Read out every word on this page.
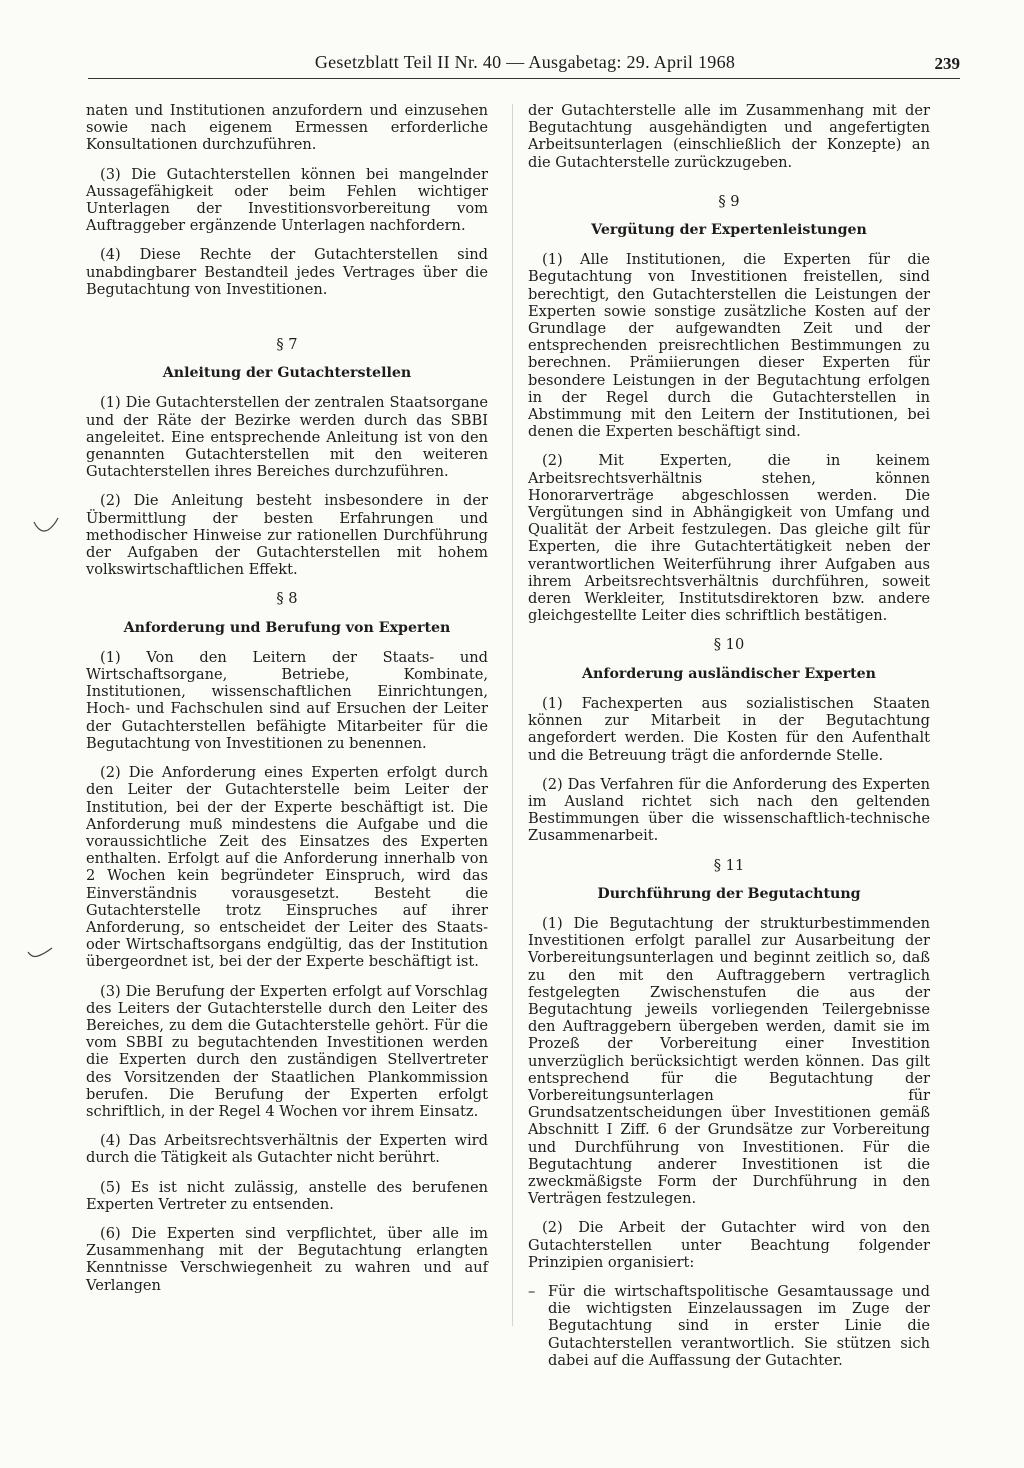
Gesetzblatt Teil II Nr. 40 — Ausgabetag: 29. April 1968	239

naten und Institutionen anzufordern und einzusehen sowie nach eigenem Ermessen erforderliche Konsultationen durchzuführen.

(3) Die Gutachterstellen können bei mangelnder Aussagefähigkeit oder beim Fehlen wichtiger Unterlagen der Investitionsvorbereitung vom Auftraggeber ergänzende Unterlagen nachfordern.

(4) Diese Rechte der Gutachterstellen sind unabdingbarer Bestandteil jedes Vertrages über die Begutachtung von Investitionen.

§ 7

Anleitung der Gutachterstellen

(1) Die Gutachterstellen der zentralen Staatsorgane und der Räte der Bezirke werden durch das SBBI angeleitet. Eine entsprechende Anleitung ist von den genannten Gutachterstellen mit den weiteren Gutachterstellen ihres Bereiches durchzuführen.

(2) Die Anleitung besteht insbesondere in der Übermittlung der besten Erfahrungen und methodischer Hinweise zur rationellen Durchführung der Aufgaben der Gutachterstellen mit hohem volkswirtschaftlichen Effekt.

§ 8

Anforderung und Berufung von Experten

(1) Von den Leitern der Staats- und Wirtschaftsorgane, Betriebe, Kombinate, Institutionen, wissenschaftlichen Einrichtungen, Hoch- und Fachschulen sind auf Ersuchen der Leiter der Gutachterstellen befähigte Mitarbeiter für die Begutachtung von Investitionen zu benennen.

(2) Die Anforderung eines Experten erfolgt durch den Leiter der Gutachterstelle beim Leiter der Institution, bei der der Experte beschäftigt ist. Die Anforderung muß mindestens die Aufgabe und die voraussichtliche Zeit des Einsatzes des Experten enthalten. Erfolgt auf die Anforderung innerhalb von 2 Wochen kein begründeter Einspruch, wird das Einverständnis vorausgesetzt. Besteht die Gutachterstelle trotz Einspruches auf ihrer Anforderung, so entscheidet der Leiter des Staats- oder Wirtschaftsorgans endgültig, das der Institution übergeordnet ist, bei der der Experte beschäftigt ist.

(3) Die Berufung der Experten erfolgt auf Vorschlag des Leiters der Gutachterstelle durch den Leiter des Bereiches, zu dem die Gutachterstelle gehört. Für die vom SBBI zu begutachtenden Investitionen werden die Experten durch den zuständigen Stellvertreter des Vorsitzenden der Staatlichen Plankommission berufen. Die Berufung der Experten erfolgt schriftlich, in der Regel 4 Wochen vor ihrem Einsatz.

(4) Das Arbeitsrechtsverhältnis der Experten wird durch die Tätigkeit als Gutachter nicht berührt.

(5) Es ist nicht zulässig, anstelle des berufenen Experten Vertreter zu entsenden.

(6) Die Experten sind verpflichtet, über alle im Zusammenhang mit der Begutachtung erlangten Kenntnisse Verschwiegenheit zu wahren und auf Verlangen

der Gutachterstelle alle im Zusammenhang mit der Begutachtung ausgehändigten und angefertigten Arbeitsunterlagen (einschließlich der Konzepte) an die Gutachterstelle zurückzugeben.

§ 9

Vergütung der Expertenleistungen

(1) Alle Institutionen, die Experten für die Begutachtung von Investitionen freistellen, sind berechtigt, den Gutachterstellen die Leistungen der Experten sowie sonstige zusätzliche Kosten auf der Grundlage der aufgewandten Zeit und der entsprechenden preisrechtlichen Bestimmungen zu berechnen. Prämiierungen dieser Experten für besondere Leistungen in der Begutachtung erfolgen in der Regel durch die Gutachterstellen in Abstimmung mit den Leitern der Institutionen, bei denen die Experten beschäftigt sind.

(2) Mit Experten, die in keinem Arbeitsrechtsverhältnis stehen, können Honorarverträge abgeschlossen werden. Die Vergütungen sind in Abhängigkeit von Umfang und Qualität der Arbeit festzulegen. Das gleiche gilt für Experten, die ihre Gutachtertätigkeit neben der verantwortlichen Weiterführung ihrer Aufgaben aus ihrem Arbeitsrechtsverhältnis durchführen, soweit deren Werkleiter, Institutsdirektoren bzw. andere gleichgestellte Leiter dies schriftlich bestätigen.

§ 10

Anforderung ausländischer Experten

(1) Fachexperten aus sozialistischen Staaten können zur Mitarbeit in der Begutachtung angefordert werden. Die Kosten für den Aufenthalt und die Betreuung trägt die anfordernde Stelle.

(2) Das Verfahren für die Anforderung des Experten im Ausland richtet sich nach den geltenden Bestimmungen über die wissenschaftlich-technische Zusammenarbeit.

§ 11

Durchführung der Begutachtung

(1) Die Begutachtung der strukturbestimmenden Investitionen erfolgt parallel zur Ausarbeitung der Vorbereitungsunterlagen und beginnt zeitlich so, daß zu den mit den Auftraggebern vertraglich festgelegten Zwischenstufen die aus der Begutachtung jeweils vorliegenden Teilergebnisse den Auftraggebern übergeben werden, damit sie im Prozeß der Vorbereitung einer Investition unverzüglich berücksichtigt werden können. Das gilt entsprechend für die Begutachtung der Vorbereitungsunterlagen für Grundsatzentscheidungen über Investitionen gemäß Abschnitt I Ziff. 6 der Grundsätze zur Vorbereitung und Durchführung von Investitionen. Für die Begutachtung anderer Investitionen ist die zweckmäßigste Form der Durchführung in den Verträgen festzulegen.

(2) Die Arbeit der Gutachter wird von den Gutachterstellen unter Beachtung folgender Prinzipien organisiert:

– Für die wirtschaftspolitische Gesamtaussage und die wichtigsten Einzelaussagen im Zuge der Begutachtung sind in erster Linie die Gutachterstellen verantwortlich. Sie stützen sich dabei auf die Auffassung der Gutachter.
